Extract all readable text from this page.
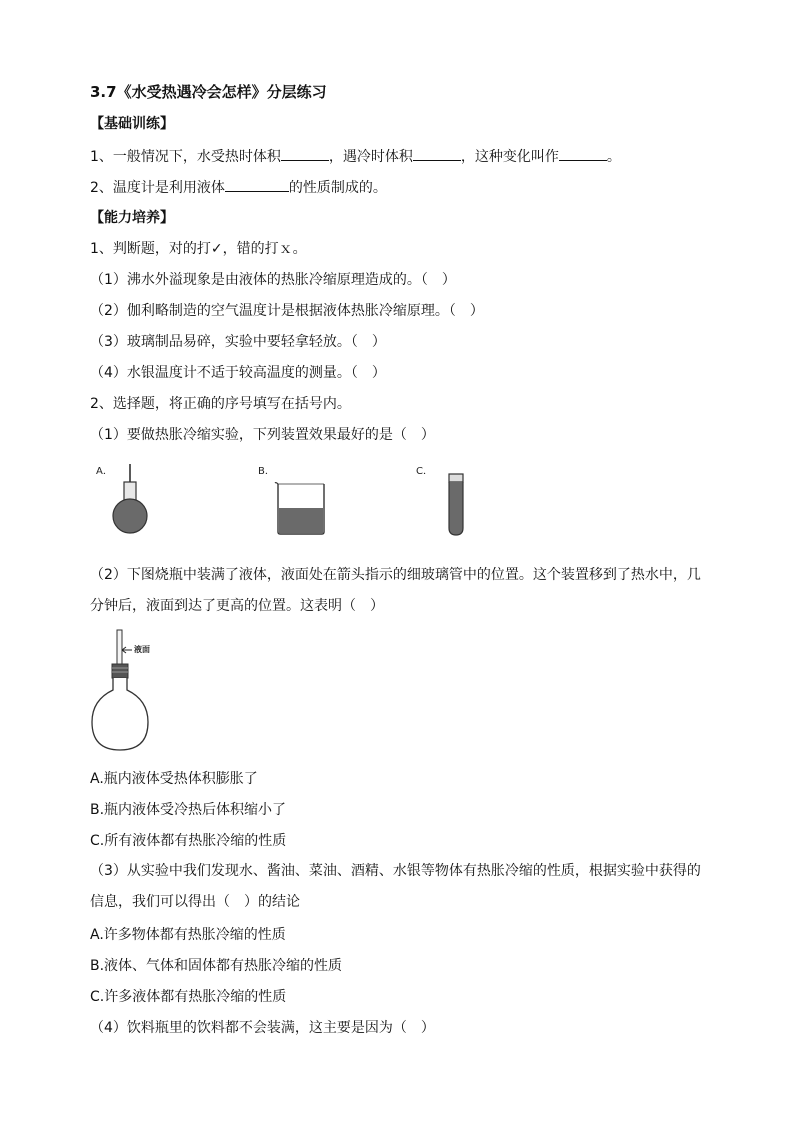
3.7《水受热遇冷会怎样》分层练习
【基础训练】
1、一般情况下，水受热时体积	，遇冷时体积	，这种变化叫作	。
2、温度计是利用液体	的性质制成的。
【能力培养】
1、判断题，对的打✓，错的打ｘ。
（1）沸水外溢现象是由液体的热胀冷缩原理造成的。（　）
（2）伽利略制造的空气温度计是根据液体热胀冷缩原理。（　）
（3）玻璃制品易碎，实验中要轻拿轻放。（　）
（4）水银温度计不适于较高温度的测量。（　）
2、选择题，将正确的序号填写在括号内。
（1）要做热胀冷缩实验，下列装置效果最好的是（　）
A．	B．	C．
（2）下图烧瓶中装满了液体，液面处在箭头指示的细玻璃管中的位置。这个装置移到了热水中，几分钟后，液面到达了更高的位置。这表明（　）
液面
A.瓶内液体受热体积膨胀了
B.瓶内液体受冷热后体积缩小了
C.所有液体都有热胀冷缩的性质
（3）从实验中我们发现水、酱油、菜油、酒精、水银等物体有热胀冷缩的性质，根据实验中获得的信息，我们可以得出（　）的结论
A.许多物体都有热胀冷缩的性质
B.液体、气体和固体都有热胀冷缩的性质
C.许多液体都有热胀冷缩的性质
（4）饮料瓶里的饮料都不会装满，这主要是因为（　）
